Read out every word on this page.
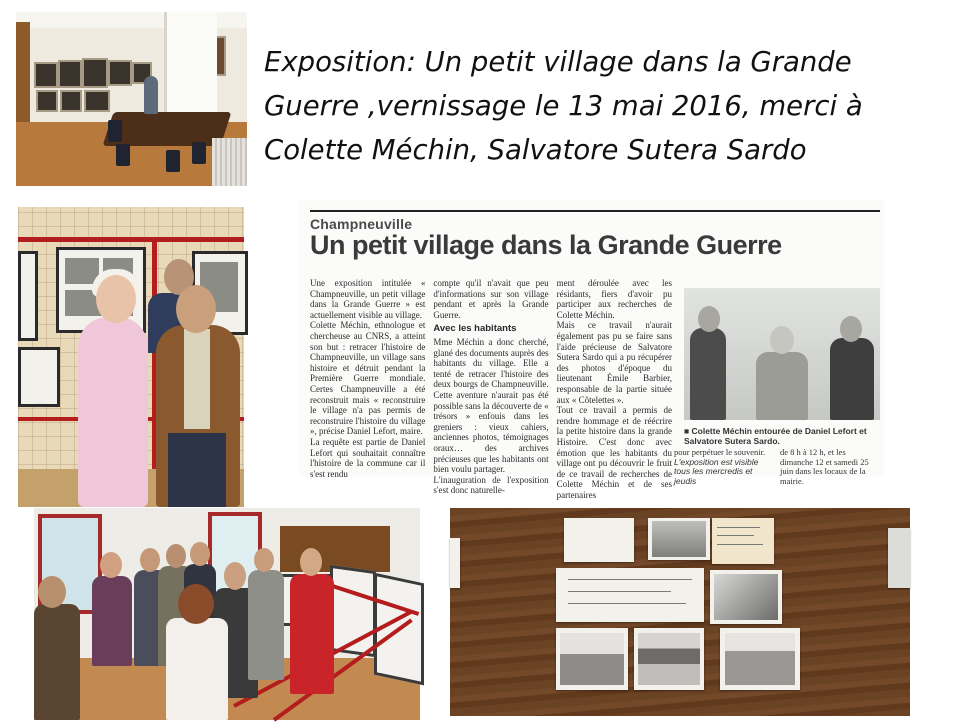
Exposition: Un petit village dans la Grande Guerre ,vernissage le 13 mai 2016, merci à Colette Méchin, Salvatore Sutera Sardo

Champneuville
Un petit village dans la Grande Guerre
Une exposition intitulée « Champneuville, un petit village dans la Grande Guerre » est actuellement visible au village.
Colette Méchin, ethnologue et chercheuse au CNRS, a atteint son but : retracer l'histoire de Champneuville, un village sans histoire et détruit pendant la Première Guerre mondiale. Certes Champneuville a été reconstruit mais « reconstruire le village n'a pas permis de reconstruire l'histoire du village », précise Daniel Lefort, maire.
La requête est partie de Daniel Lefort qui souhaitait connaître l'histoire de la commune car il s'est rendu
compte qu'il n'avait que peu d'informations sur son village pendant et après la Grande Guerre.
Avec les habitants
Mme Méchin a donc cherché, glané des documents auprès des habitants du village. Elle a tenté de retracer l'histoire des deux bourgs de Champneuville. Cette aventure n'aurait pas été possible sans la découverte de « trésors » enfouis dans les greniers : vieux cahiers, anciennes photos, témoignages oraux… des archives précieuses que les habitants ont bien voulu partager.
L'inauguration de l'exposition s'est donc naturelle-
ment déroulée avec les résidants, fiers d'avoir pu participer aux recherches de Colette Méchin.
Mais ce travail n'aurait également pas pu se faire sans l'aide précieuse de Salvatore Sutera Sardo qui a pu récupérer des photos d'époque du lieutenant Émile Barbier, responsable de la partie située aux « Côtelettes ».
Tout ce travail a permis de rendre hommage et de réécrire la petite histoire dans la grande Histoire. C'est donc avec émotion que les habitants du village ont pu découvrir le fruit de ce travail de recherches de Colette Méchin et de ses partenaires
■ Colette Méchin entourée de Daniel Lefort et Salvatore Sutera Sardo.
pour perpétuer le souvenir.
L'exposition est visible tous les mercredis et jeudis
de 8 h à 12 h, et les dimanche 12 et samedi 25 juin dans les locaux de la mairie.
